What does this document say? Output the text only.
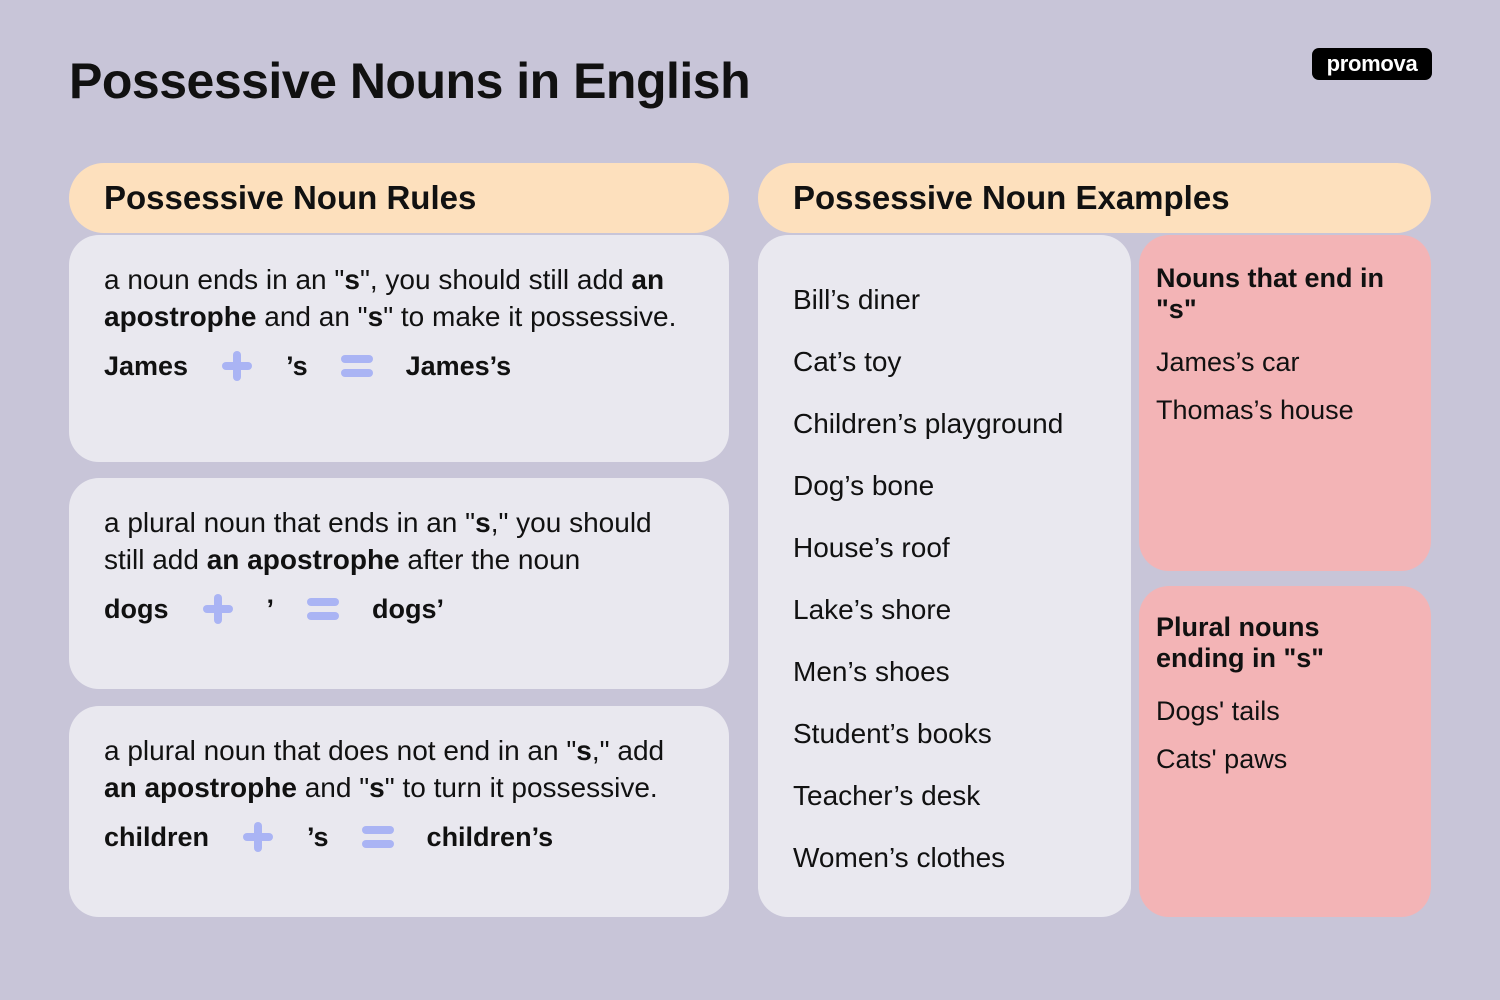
Possessive Nouns in English	promova
Possessive Noun Rules	Possessive Noun Examples

a noun ends in an "s", you should still add an apostrophe and an "s" to make it possessive.

James	’s	James’s

a plural noun that ends in an "s," you should still add an apostrophe after the noun

dogs	’	dogs’

a plural noun that does not end in an "s," add an apostrophe and "s" to turn it possessive.

children	’s	children’s
Bill’s diner
Cat’s toy
Children’s playground
Dog’s bone
House’s roof
Lake’s shore
Men’s shoes
Student’s books
Teacher’s desk
Women’s clothes
Nouns that end in "s"
James’s car
Thomas’s house
Plural nouns ending in "s"
Dogs' tails
Cats' paws
